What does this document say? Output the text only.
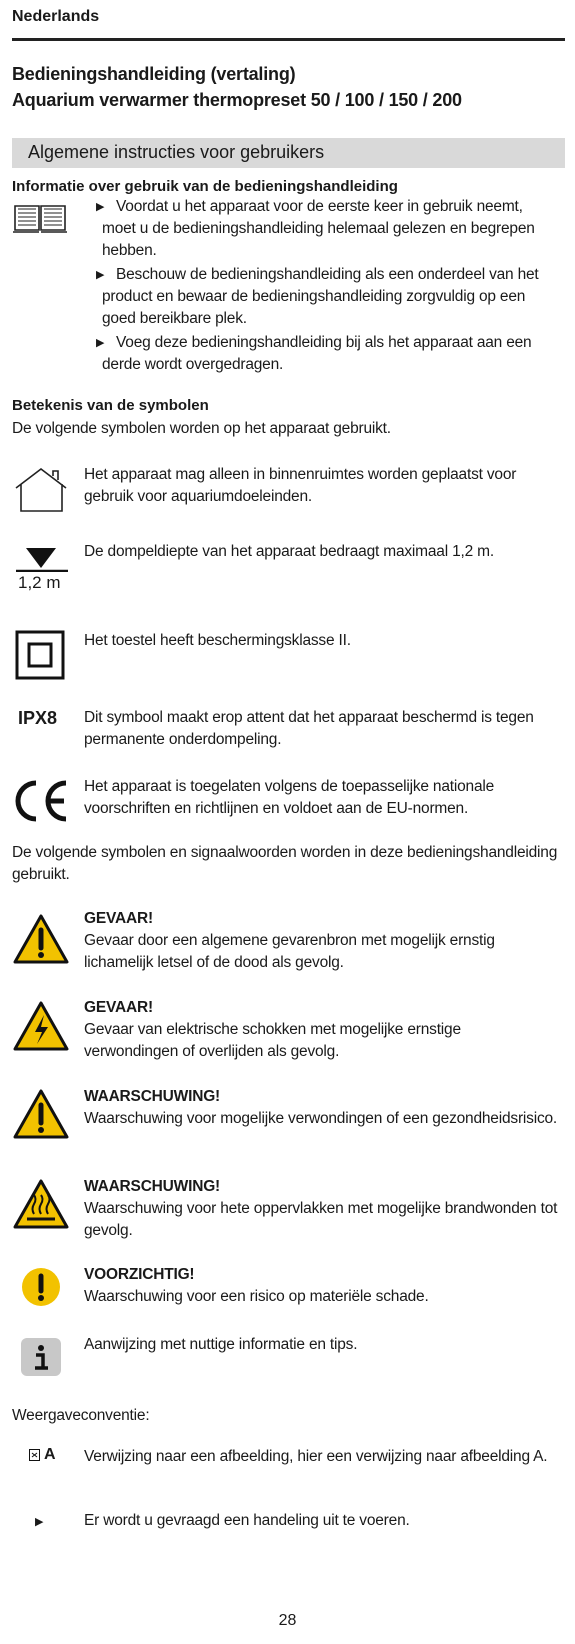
Nederlands
Bedieningshandleiding (vertaling)
Aquarium verwarmer thermopreset 50 / 100 / 150 / 200
Algemene instructies voor gebruikers
Informatie over gebruik van de bedieningshandleiding
▶ Voordat u het apparaat voor de eerste keer in gebruik neemt, moet u de bedieningshandleiding helemaal gelezen en begrepen hebben.
▶ Beschouw de bedieningshandleiding als een onderdeel van het product en bewaar de bedieningshandleiding zorgvuldig op een goed bereikbare plek.
▶ Voeg deze bedieningshandleiding bij als het apparaat aan een derde wordt overgedragen.
Betekenis van de symbolen
De volgende symbolen worden op het apparaat gebruikt.
Het apparaat mag alleen in binnenruimtes worden geplaatst voor gebruik voor aquariumdoeleinden.
1,2 m
De dompeldiepte van het apparaat bedraagt maximaal 1,2 m.
Het toestel heeft beschermingsklasse II.
IPX8 Dit symbool maakt erop attent dat het apparaat beschermd is tegen permanente onderdompeling.
Het apparaat is toegelaten volgens de toepasselijke nationale voorschriften en richtlijnen en voldoet aan de EU-normen.
De volgende symbolen en signaalwoorden worden in deze bedieningshandleiding gebruikt.
GEVAAR!
Gevaar door een algemene gevarenbron met mogelijk ernstig lichamelijk letsel of de dood als gevolg.
GEVAAR!
Gevaar van elektrische schokken met mogelijke ernstige verwondingen of overlijden als gevolg.
WAARSCHUWING!
Waarschuwing voor mogelijke verwondingen of een gezondheidsrisico.
WAARSCHUWING!
Waarschuwing voor hete oppervlakken met mogelijke brandwonden tot gevolg.
VOORZICHTIG!
Waarschuwing voor een risico op materiële schade.
Aanwijzing met nuttige informatie en tips.
Weergaveconventie:
A Verwijzing naar een afbeelding, hier een verwijzing naar afbeelding A.
▶	Er wordt u gevraagd een handeling uit te voeren.
28
